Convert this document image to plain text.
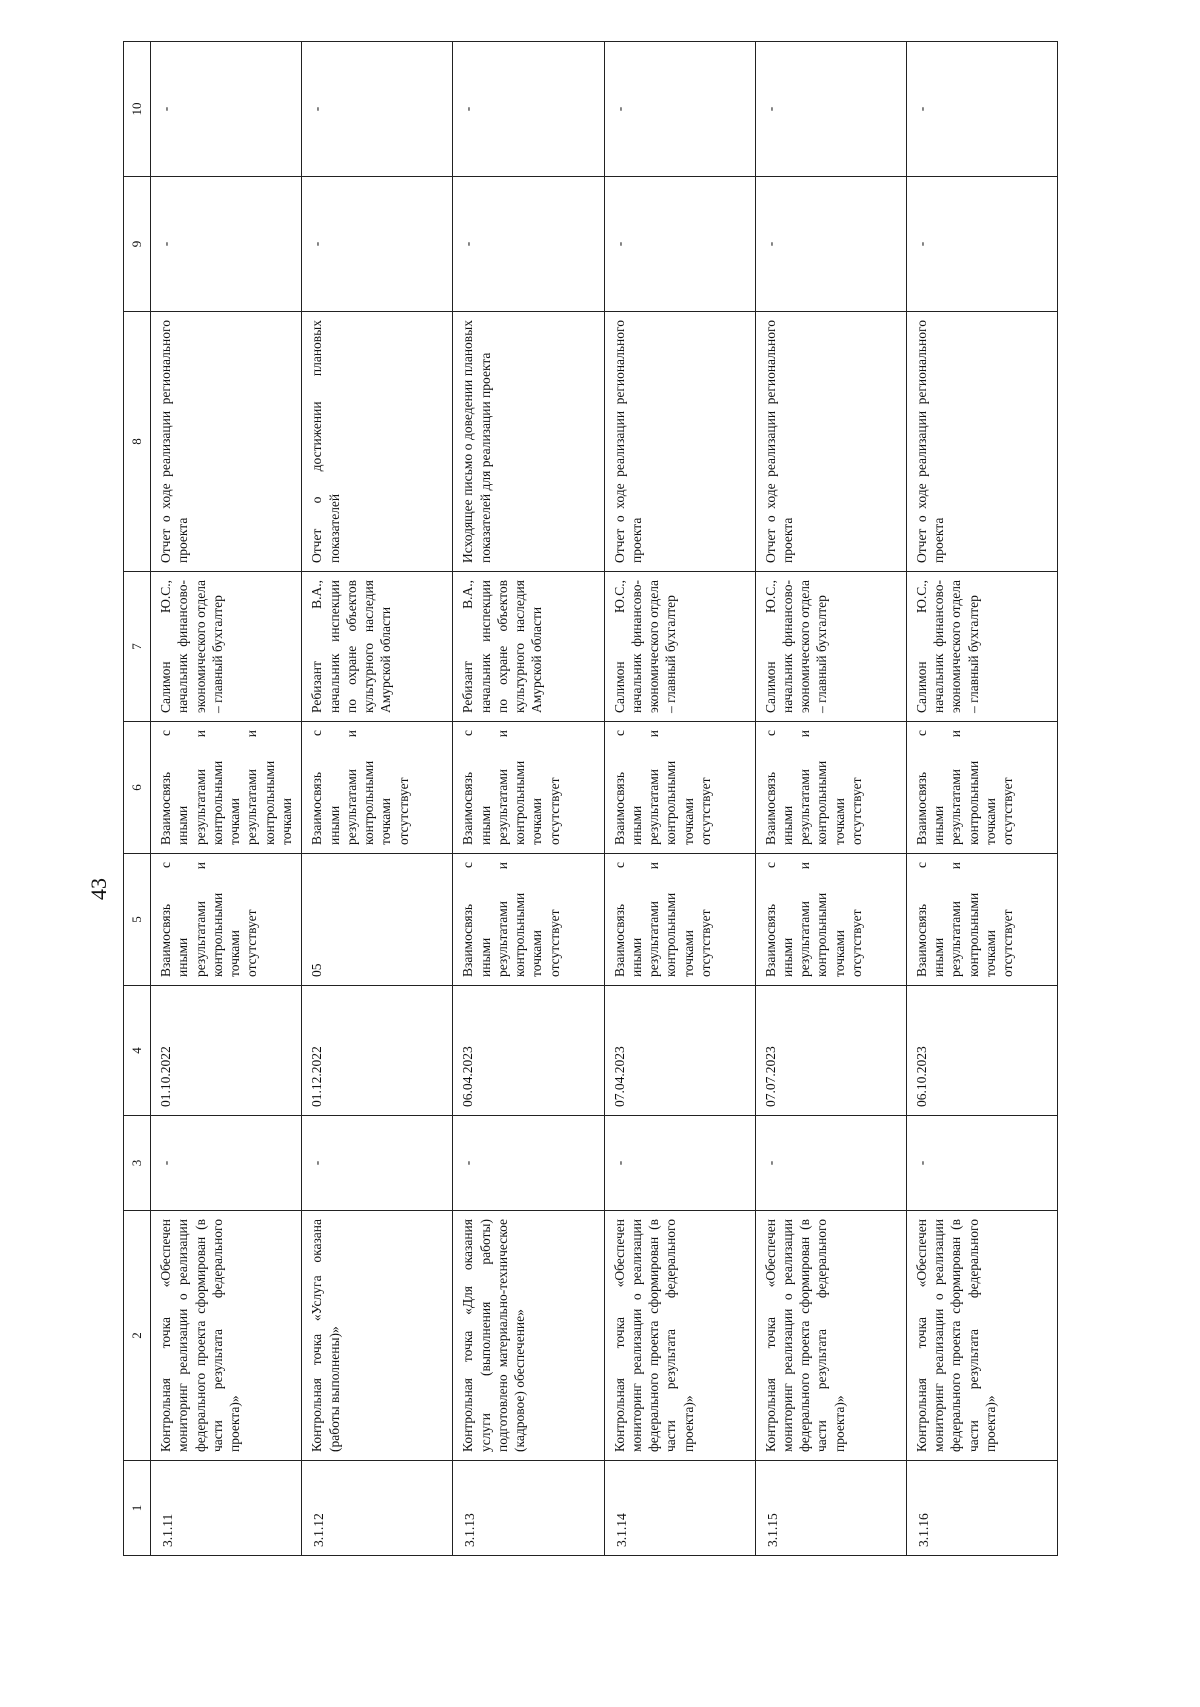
43
1	2	3	4	5	6	7	8	9	10
3.1.11	Контрольная точка «Обеспечен мониторинг реализации о реализации федерального проекта сформирован (в части результата федерального проекта)»	-	01.10.2022	Взаимосвязь с иными результатами и контрольными точками отсутствует	Взаимосвязь с иными результатами и контрольными точками результатами и контрольными точками	Салимон Ю.С., начальник финансово-экономического отдела – главный бухгалтер	Отчет о ходе реализации регионального проекта	-	-
3.1.12	Контрольная точка «Услуга оказана (работы выполнены)»	-	01.12.2022	05	Взаимосвязь с иными результатами и контрольными точками отсутствует	Ребизант В.А., начальник инспекции по охране объектов культурного наследия Амурской области	Отчет о достижении плановых показателей	-	-
3.1.13	Контрольная точка «Для оказания услуги (выполнения работы) подготовлено материально-техническое (кадровое) обеспечение»	-	06.04.2023	Взаимосвязь с иными результатами и контрольными точками отсутствует	Взаимосвязь с иными результатами и контрольными точками отсутствует	Ребизант В.А., начальник инспекции по охране объектов культурного наследия Амурской области	Исходящее письмо о доведении плановых показателей для реализации проекта	-	-
3.1.14	Контрольная точка «Обеспечен мониторинг реализации о реализации федерального проекта сформирован (в части результата федерального проекта)»	-	07.04.2023	Взаимосвязь с иными результатами и контрольными точками отсутствует	Взаимосвязь с иными результатами и контрольными точками отсутствует	Салимон Ю.С., начальник финансово-экономического отдела – главный бухгалтер	Отчет о ходе реализации регионального проекта	-	-
3.1.15	Контрольная точка «Обеспечен мониторинг реализации о реализации федерального проекта сформирован (в части результата федерального проекта)»	-	07.07.2023	Взаимосвязь с иными результатами и контрольными точками отсутствует	Взаимосвязь с иными результатами и контрольными точками отсутствует	Салимон Ю.С., начальник финансово-экономического отдела – главный бухгалтер	Отчет о ходе реализации регионального проекта	-	-
3.1.16	Контрольная точка «Обеспечен мониторинг реализации о реализации федерального проекта сформирован (в части результата федерального проекта)»	-	06.10.2023	Взаимосвязь с иными результатами и контрольными точками отсутствует	Взаимосвязь с иными результатами и контрольными точками отсутствует	Салимон Ю.С., начальник финансово-экономического отдела – главный бухгалтер	Отчет о ходе реализации регионального проекта	-	-
